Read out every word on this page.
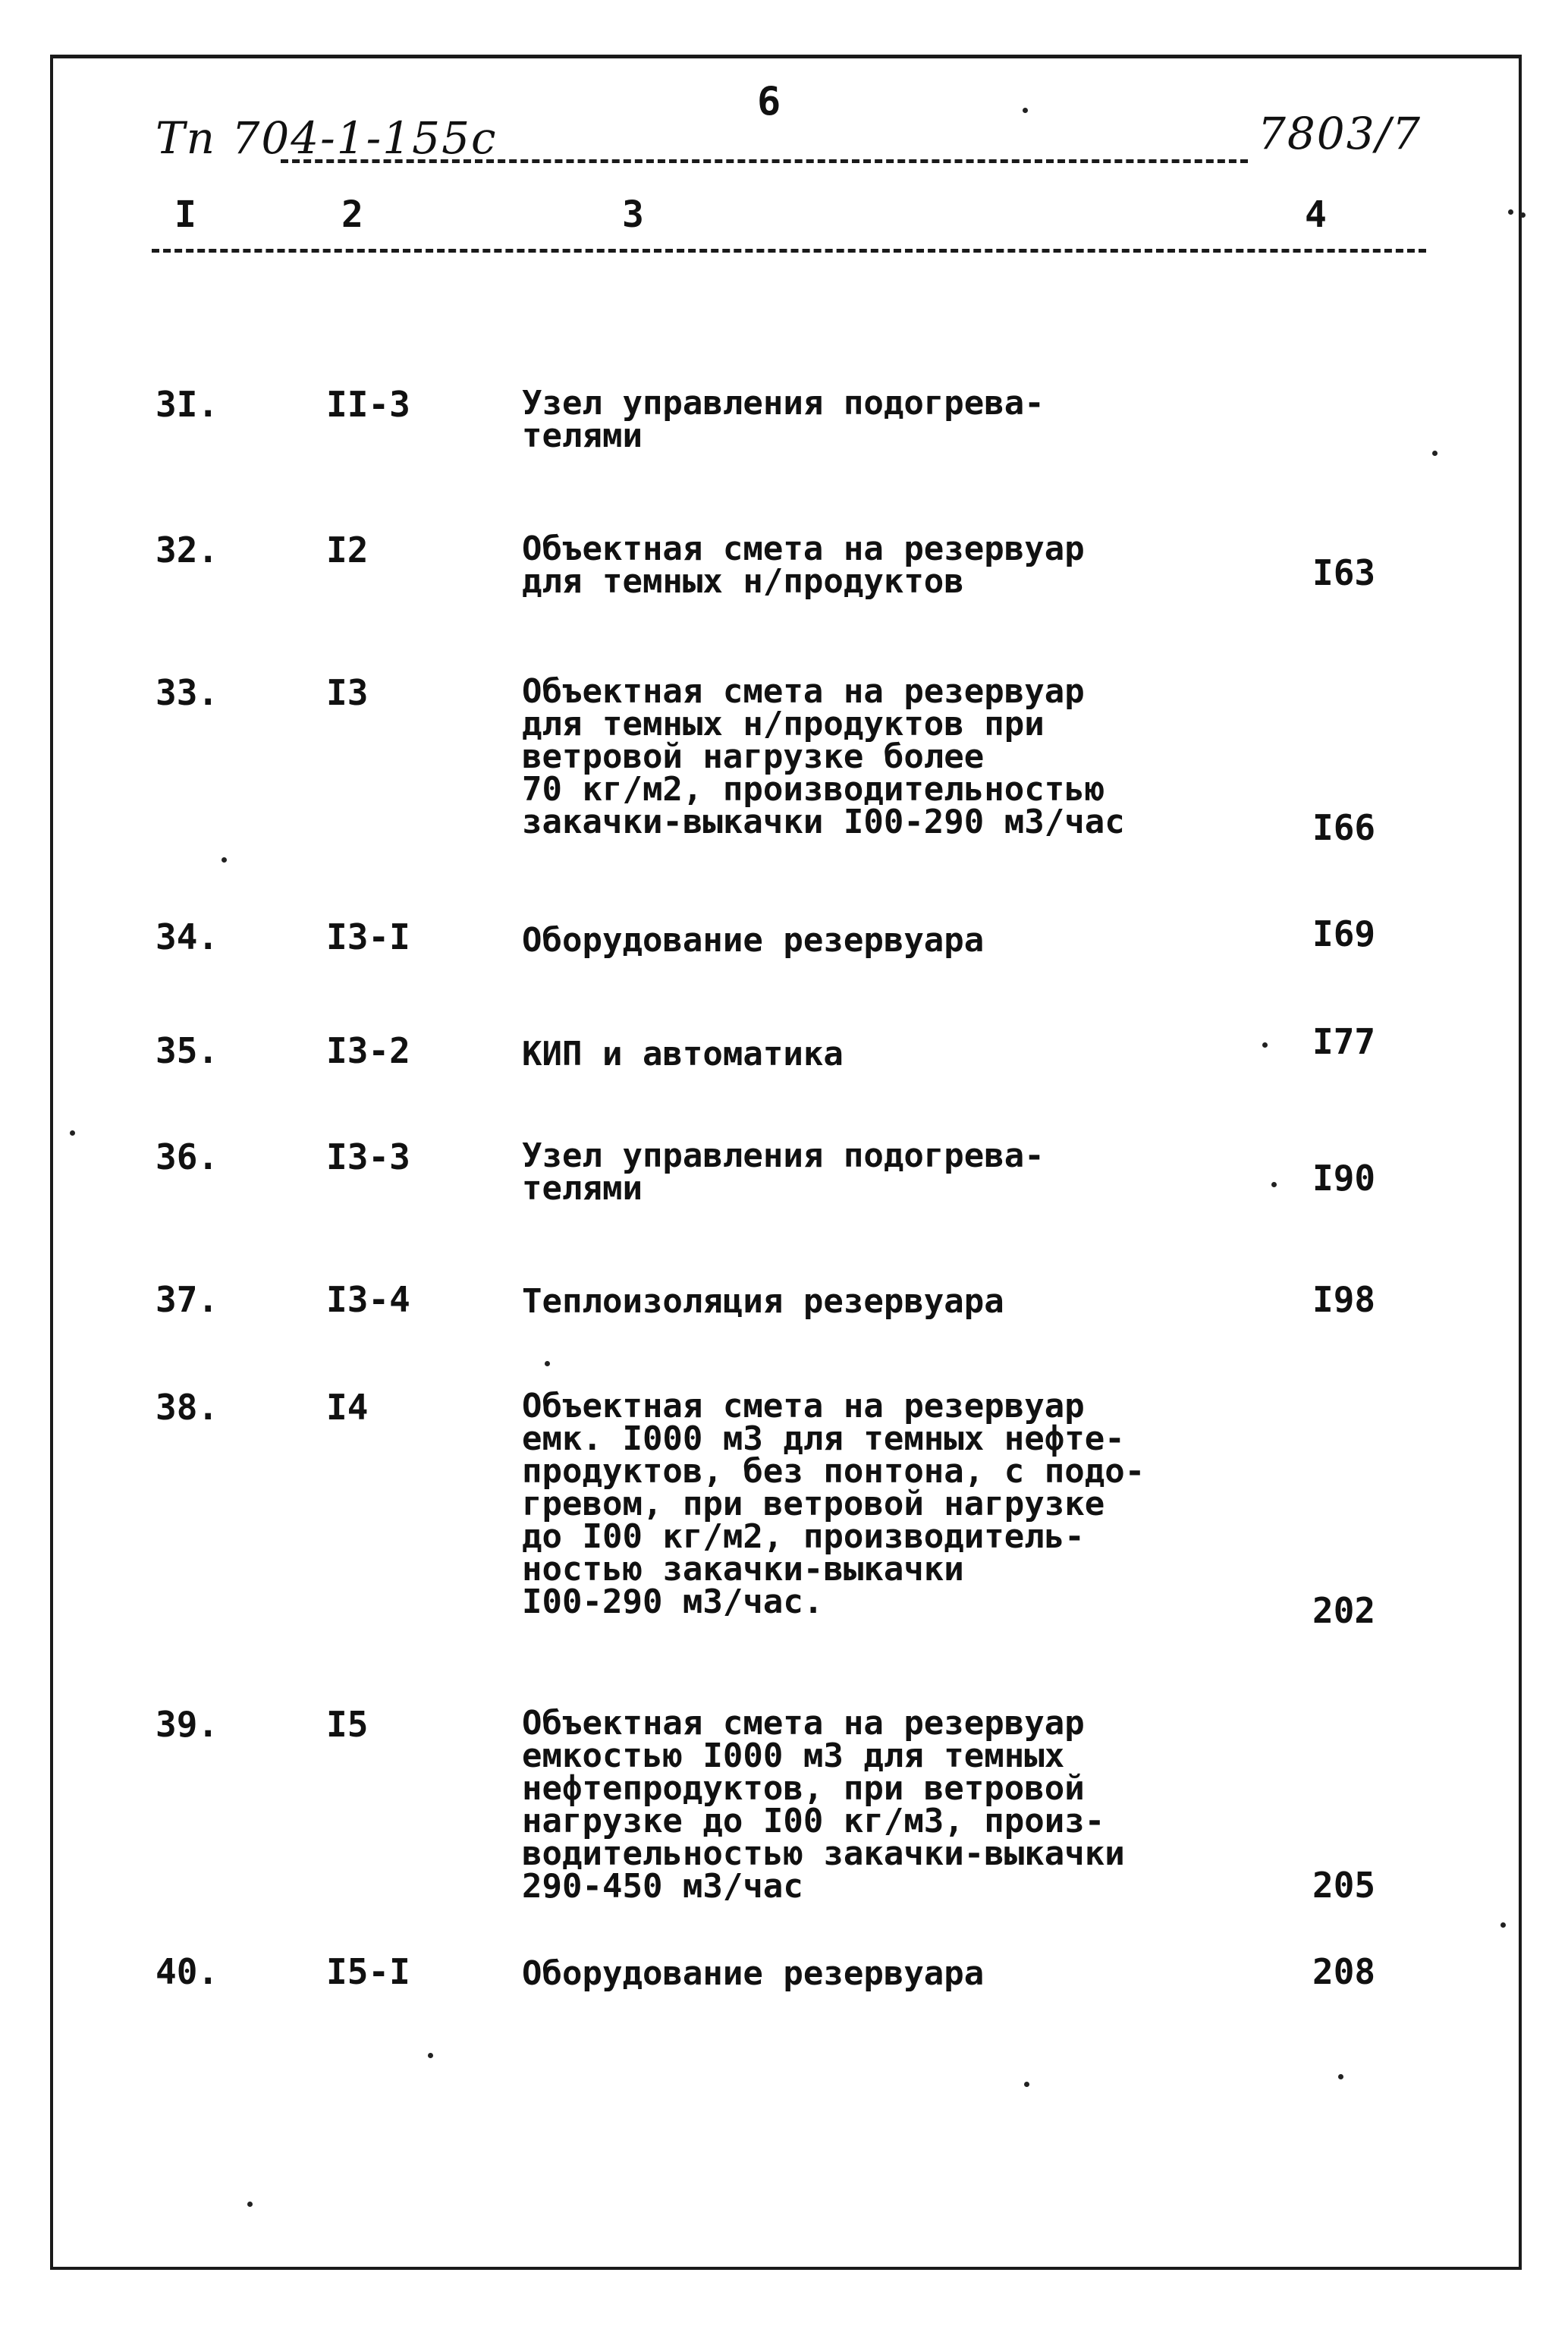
6
Тп 704-1-155с	7803/7
I	2	3	4
3I.	II-3	Узел управления подогрева-
телями
32.	I2	Объектная смета на резервуар
для темных н/продуктов	I63
33.	I3	Объектная смета на резервуар
для темных н/продуктов при
ветровой нагрузке более
70 кг/м2, производительностью
закачки-выкачки I00-290 м3/час	I66
34.	I3-I	Оборудование резервуара	I69
35.	I3-2	КИП и автоматика	I77
36.	I3-3	Узел управления подогрева-
телями	I90
37.	I3-4	Теплоизоляция резервуара	I98
38.	I4	Объектная смета на резервуар
емк. I000 м3 для темных нефте-
продуктов, без понтона, с подо-
гревом, при ветровой нагрузке
до I00 кг/м2, производитель-
ностью закачки-выкачки
I00-290 м3/час.	202
39.	I5	Объектная смета на резервуар
емкостью I000 м3 для темных
нефтепродуктов, при ветровой
нагрузке до I00 кг/м3, произ-
водительностью закачки-выкачки
290-450 м3/час	205
40.	I5-I	Оборудование резервуара	208
